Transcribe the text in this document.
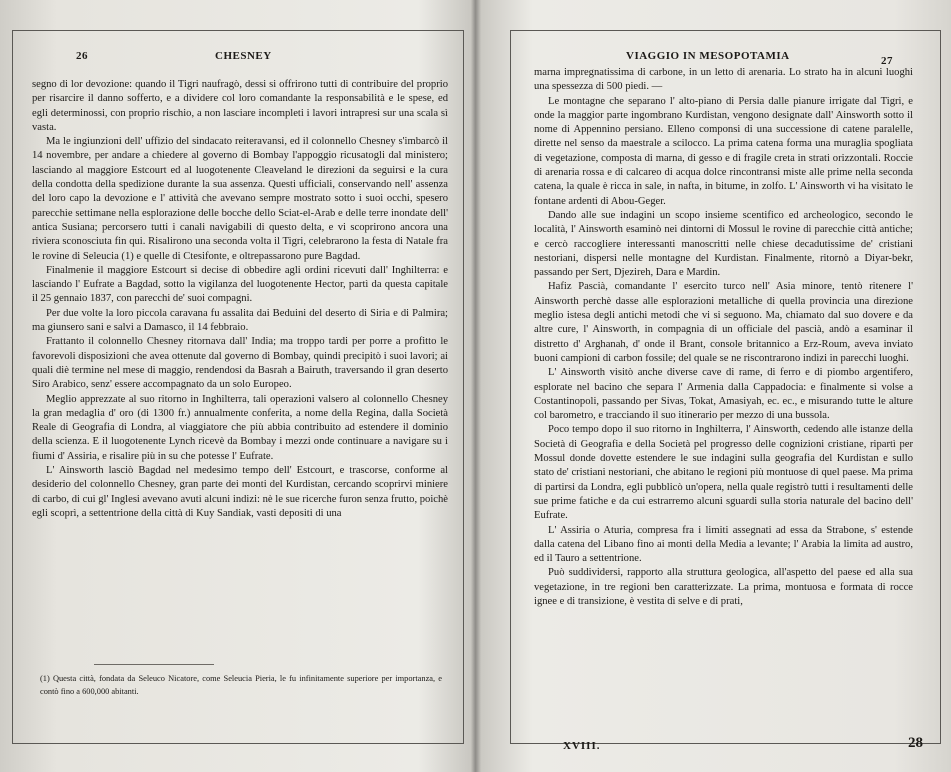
26	CHESNEY

segno di lor devozione: quando il Tigri naufragò, dessi si offrirono tutti di contribuire del proprio per risarcire il danno sofferto, e a dividere col loro comandante la responsabilità e le spese, ed egli determinossi, con proprio rischio, a non lasciare incompleti i lavori intrapresi sur una scala sì vasta.

Ma le ingiunzioni dell' uffizio del sindacato reiteravansi, ed il colonnello Chesney s'imbarcò il 14 novembre, per andare a chiedere al governo di Bombay l'appoggio ricusatogli dal ministero; lasciando al maggiore Estcourt ed al luogotenente Cleaveland le direzioni da seguirsi e la cura della condotta della spedizione durante la sua assenza. Questi ufficiali, conservando nell' assenza del loro capo la devozione e l' attività che avevano sempre mostrato sotto i suoi occhi, spesero parecchie settimane nella esplorazione delle bocche dello Sciat-el-Arab e delle terre inondate dell' antica Susiana; percorsero tutti i canali navigabili di questo delta, e vi scoprirono ancora una riviera sconosciuta fin qui. Risalirono una seconda volta il Tigri, celebrarono la festa di Natale fra le rovine di Seleucia (1) e quelle di Ctesifonte, e oltrepassarono pure Bagdad.

Finalmenie il maggiore Estcourt si decise di obbedire agli ordini ricevuti dall' Inghilterra: e lasciando l' Eufrate a Bagdad, sotto la vigilanza del luogotenente Hector, partì da questa capitale il 25 gennaio 1837, con parecchi de' suoi compagni.

Per due volte la loro piccola caravana fu assalita dai Beduini del deserto di Siria e di Palmira; ma giunsero sani e salvi a Damasco, il 14 febbraio.

Frattanto il colonnello Chesney ritornava dall' India; ma troppo tardi per porre a profitto le favorevoli disposizioni che avea ottenute dal governo di Bombay, quindi precipitò i suoi lavori; ai quali diè termine nel mese di maggio, rendendosi da Basrah a Bairuth, traversando il gran deserto Siro Arabico, senz' essere accompagnato da un solo Europeo.

Meglio apprezzate al suo ritorno in Inghilterra, tali operazioni valsero al colonnello Chesney la gran medaglia d' oro (di 1300 fr.) annualmente conferita, a nome della Regina, dalla Società Reale di Geografia di Londra, al viaggiatore che più abbia contribuito ad estendere il dominio della scienza. E il luogotenente Lynch ricevè da Bombay i mezzi onde continuare a navigare su i fiumi d' Assiria, e risalire più in su che potesse l' Eufrate.

L' Ainsworth lasciò Bagdad nel medesimo tempo dell' Estcourt, e trascorse, conforme al desiderio del colonnello Chesney, gran parte dei monti del Kurdistan, cercando scoprirvi miniere di carbo, di cui gl' Inglesi avevano avuti alcuni indizi: nè le sue ricerche furon senza frutto, poichè egli scoprì, a settentrione della città di Kuy Sandiak, vasti depositi di una

(1) Questa città, fondata da Seleuco Nicatore, come Seleucia Pieria, le fu infinitamente superiore per importanza, e contò fino a 600,000 abitanti.
VIAGGIO IN MESOPOTAMIA	27

marna impregnatissima di carbone, in un letto di arenaria. Lo strato ha in alcuni luoghi una spessezza di 500 piedi. —

Le montagne che separano l' alto-piano di Persia dalle pianure irrigate dal Tigri, e onde la maggior parte ingombrano Kurdistan, vengono designate dall' Ainsworth sotto il nome di Appennino persiano. Elleno componsi di una successione di catene paralelle, dirette nel senso da maestrale a scilocco. La prima catena forma una muraglia spogliata di vegetazione, composta di marna, di gesso e di fragile creta in strati orizzontali. Roccie di arenaria rossa e di calcareo di acqua dolce rincontransi miste alle prime nella seconda catena, la quale è ricca in sale, in nafta, in bitume, in zolfo. L' Ainsworth vi ha visitato le fontane ardenti di Abou-Geger.

Dando alle sue indagini un scopo insieme scentifico ed archeologico, secondo le località, l' Ainsworth esaminò nei dintorni di Mossul le rovine di parecchie città antiche; e cercò raccogliere interessanti manoscritti nelle chiese decadutissime de' cristiani nestoriani, dispersi nelle montagne del Kurdistan. Finalmente, ritornò a Diyar-bekr, passando per Sert, Djezireh, Dara e Mardin.

Hafiz Pascià, comandante l' esercito turco nell' Asia minore, tentò ritenere l' Ainsworth perchè dasse alle esplorazioni metalliche di quella provincia una direzione meglio istesa degli antichi metodi che vi si seguono. Ma, chiamato dal suo dovere e da altre cure, l' Ainsworth, in compagnia di un officiale del pascià, andò a esaminar il distretto d' Arghanah, d' onde il Brant, console britannico a Erz-Roum, aveva inviato buoni campioni di carbon fossile; del quale se ne riscontrarono indizi in parecchi luoghi.

L' Ainsworth visitò anche diverse cave di rame, di ferro e di piombo argentifero, esplorate nel bacino che separa l' Armenia dalla Cappadocia: e finalmente si volse a Costantinopoli, passando per Sivas, Tokat, Amasiyah, ec. ec., e misurando tutte le alture col barometro, e tracciando il suo itinerario per mezzo di una bussola.

Poco tempo dopo il suo ritorno in Inghilterra, l' Ainsworth, cedendo alle istanze della Società di Geografia e della Società pel progresso delle cognizioni cristiane, ripartì per Mossul donde dovette estendere le sue indagini sulla geografia del Kurdistan e sullo stato de' cristiani nestoriani, che abitano le regioni più montuose di quel paese. Ma prima di partirsi da Londra, egli pubblicò un'opera, nella quale registrò tutti i resultamenti delle sue prime fatiche e da cui estrarremo alcuni sguardi sulla storia naturale del bacino dell' Eufrate.

L' Assiria o Aturia, compresa fra i limiti assegnati ad essa da Strabone, s' estende dalla catena del Libano fino ai monti della Media a levante; l' Arabia la limita ad austro, ed il Tauro a settentrione.

Può suddividersi, rapporto alla struttura geologica, all'aspetto del paese ed alla sua vegetazione, in tre regioni ben caratterizzate. La prima, montuosa e formata di rocce ignee e di transizione, è vestita di selve e di prati,

XVIII.	28
